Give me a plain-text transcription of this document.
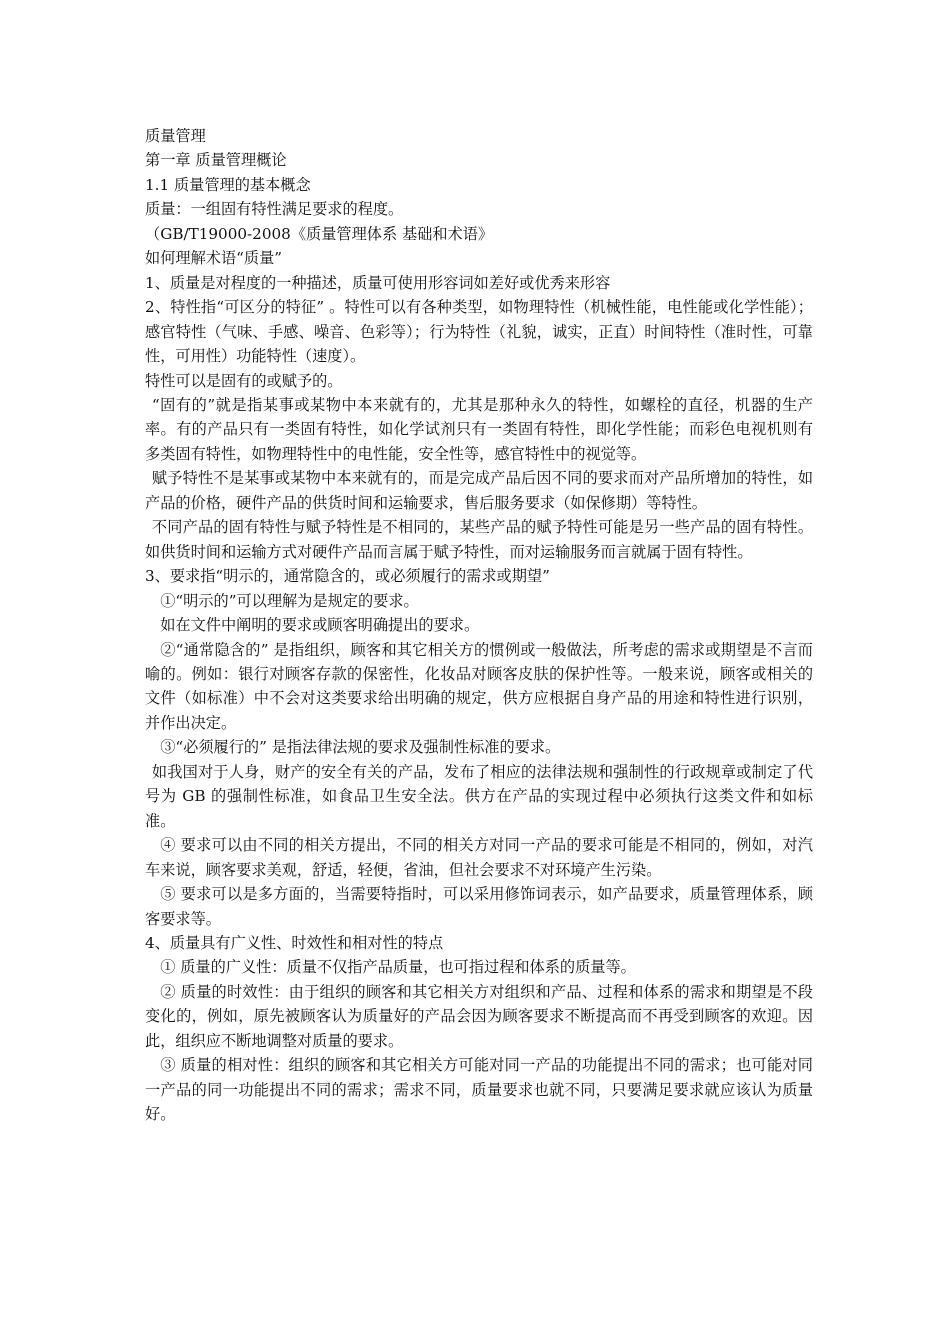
质量管理

第一章 质量管理概论

1.1 质量管理的基本概念

质量：一组固有特性满足要求的程度。

（GB/T19000-2008《质量管理体系 基础和术语》

如何理解术语“质量”

1、质量是对程度的一种描述，质量可使用形容词如差好或优秀来形容

2、特性指“可区分的特征” 。特性可以有各种类型，如物理特性（机械性能，电性能或化学性能）；感官特性（气味、手感、噪音、色彩等）；行为特性（礼貌，诚实，正直）时间特性（准时性，可靠性，可用性）功能特性（速度）。

特性可以是固有的或赋予的。

“固有的”就是指某事或某物中本来就有的，尤其是那种永久的特性，如螺栓的直径，机器的生产率。有的产品只有一类固有特性，如化学试剂只有一类固有特性，即化学性能；而彩色电视机则有多类固有特性，如物理特性中的电性能，安全性等，感官特性中的视觉等。

赋予特性不是某事或某物中本来就有的，而是完成产品后因不同的要求而对产品所增加的特性，如产品的价格，硬件产品的供货时间和运输要求，售后服务要求（如保修期）等特性。

不同产品的固有特性与赋予特性是不相同的，某些产品的赋予特性可能是另一些产品的固有特性。如供货时间和运输方式对硬件产品而言属于赋予特性，而对运输服务而言就属于固有特性。

3、要求指“明示的，通常隐含的，或必须履行的需求或期望”

①“明示的”可以理解为是规定的要求。

如在文件中阐明的要求或顾客明确提出的要求。

②“通常隐含的” 是指组织，顾客和其它相关方的惯例或一般做法，所考虑的需求或期望是不言而喻的。例如：银行对顾客存款的保密性，化妆品对顾客皮肤的保护性等。一般来说，顾客或相关的文件（如标准）中不会对这类要求给出明确的规定，供方应根据自身产品的用途和特性进行识别，并作出决定。

③“必须履行的” 是指法律法规的要求及强制性标准的要求。

如我国对于人身，财产的安全有关的产品，发布了相应的法律法规和强制性的行政规章或制定了代号为 GB 的强制性标准，如食品卫生安全法。供方在产品的实现过程中必须执行这类文件和如标准。

④ 要求可以由不同的相关方提出，不同的相关方对同一产品的要求可能是不相同的，例如，对汽车来说，顾客要求美观，舒适，轻便，省油，但社会要求不对环境产生污染。

⑤ 要求可以是多方面的，当需要特指时，可以采用修饰词表示，如产品要求，质量管理体系，顾客要求等。

4、质量具有广义性、时效性和相对性的特点

① 质量的广义性：质量不仅指产品质量，也可指过程和体系的质量等。

② 质量的时效性：由于组织的顾客和其它相关方对组织和产品、过程和体系的需求和期望是不段变化的，例如，原先被顾客认为质量好的产品会因为顾客要求不断提高而不再受到顾客的欢迎。因此，组织应不断地调整对质量的要求。

③ 质量的相对性：组织的顾客和其它相关方可能对同一产品的功能提出不同的需求；也可能对同一产品的同一功能提出不同的需求；需求不同，质量要求也就不同，只要满足要求就应该认为质量好。
